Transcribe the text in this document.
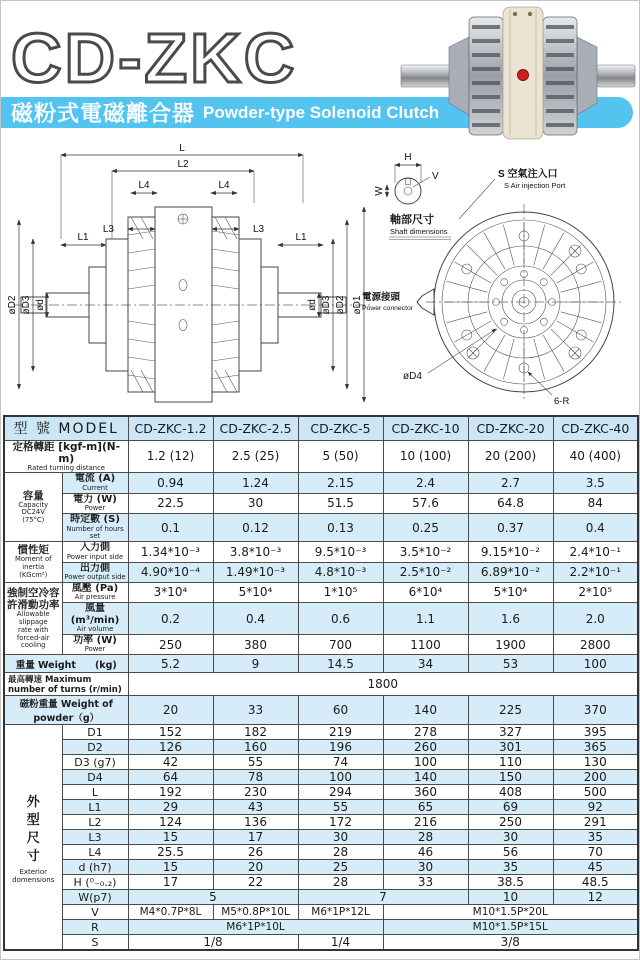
CD-ZKC
磁粉式電磁離合器 Powder-type Solenoid Clutch
L
L2
L4	L4
L3	L3
L1	L1
øD2 øD3 ød	ød øD3 øD2 øD1
H
V
W
軸部尺寸
Shaft dimensions
電源接頭
Power connector
S 空氣注入口
S Air injection Port
øD4
6-R
型 號 MODEL		CD-ZKC-1.2	CD-ZKC-2.5	CD-ZKC-5	CD-ZKC-10	CD-ZKC-20	CD-ZKC-40

定格轉距 [kgf-m](N-m)
Rated turning distance		1.2 (12)	2.5 (25)	5 (50)	10 (100)	20 (200)	40 (400)

容量
Capacity
DC24V
(75°C)

電流 (A)
Current	0.94	1.24	2.15	2.4	2.7	3.5

	電力 (W)
Power	22.5	30	51.5	57.6	64.8	84

	時定數 (S)
Number of hours set	0.1	0.12	0.13	0.25	0.37	0.4

慣性矩
Moment of inertia
(KGcm²)

入力側
Power input side	1.34*10⁻³	3.8*10⁻³	9.5*10⁻³	3.5*10⁻²	9.15*10⁻²	2.4*10⁻¹

	出力側
Power output side	4.90*10⁻⁴	1.49*10⁻³	4.8*10⁻³	2.5*10⁻²	6.89*10⁻²	2.2*10⁻¹

強制空冷容
許滑動功率
Allowable slippage
rate with
forced-air cooling

風壓 (Pa)
Air pressure	3*10⁴	5*10⁴	1*10⁵	6*10⁴	5*10⁴	2*10⁵

	風量 (m³/min)
Air volume	0.2	0.4	0.6	1.1	1.6	2.0

	功率 (W)
Power	250	380	700	1100	1900	2800
重量 Weight　　(kg)		5.2	9	14.5	34	53	100
最高轉速 Maximum number of turns (r/min)		1800					
磁粉重量 Weight of powder（g）		20	33	60	140	225	370

外
型
尺
寸
Exterior
domensions
	D1	152	182	219	278	327	395
	D2	126	160	196	260	301	365
	D3 (g7)	42	55	74	100	110	130
	D4	64	78	100	140	150	200
	L	192	230	294	360	408	500
	L1	29	43	55	65	69	92
	L2	124	136	172	216	250	291
	L3	15	17	30	28	30	35
	L4	25.5	26	28	46	56	70
	d (h7)	15	20	25	30	35	45
	H (⁰₋₀.₂)	17	22	28	33	38.5	48.5
	W(p7)	5		7		10	12
	V	M4*0.7P*8L	M5*0.8P*10L	M6*1P*12L	M10*1.5P*20L		
	R	M6*1P*10L			M10*1.5P*15L		
	S	1/8		1/4	3/8		
